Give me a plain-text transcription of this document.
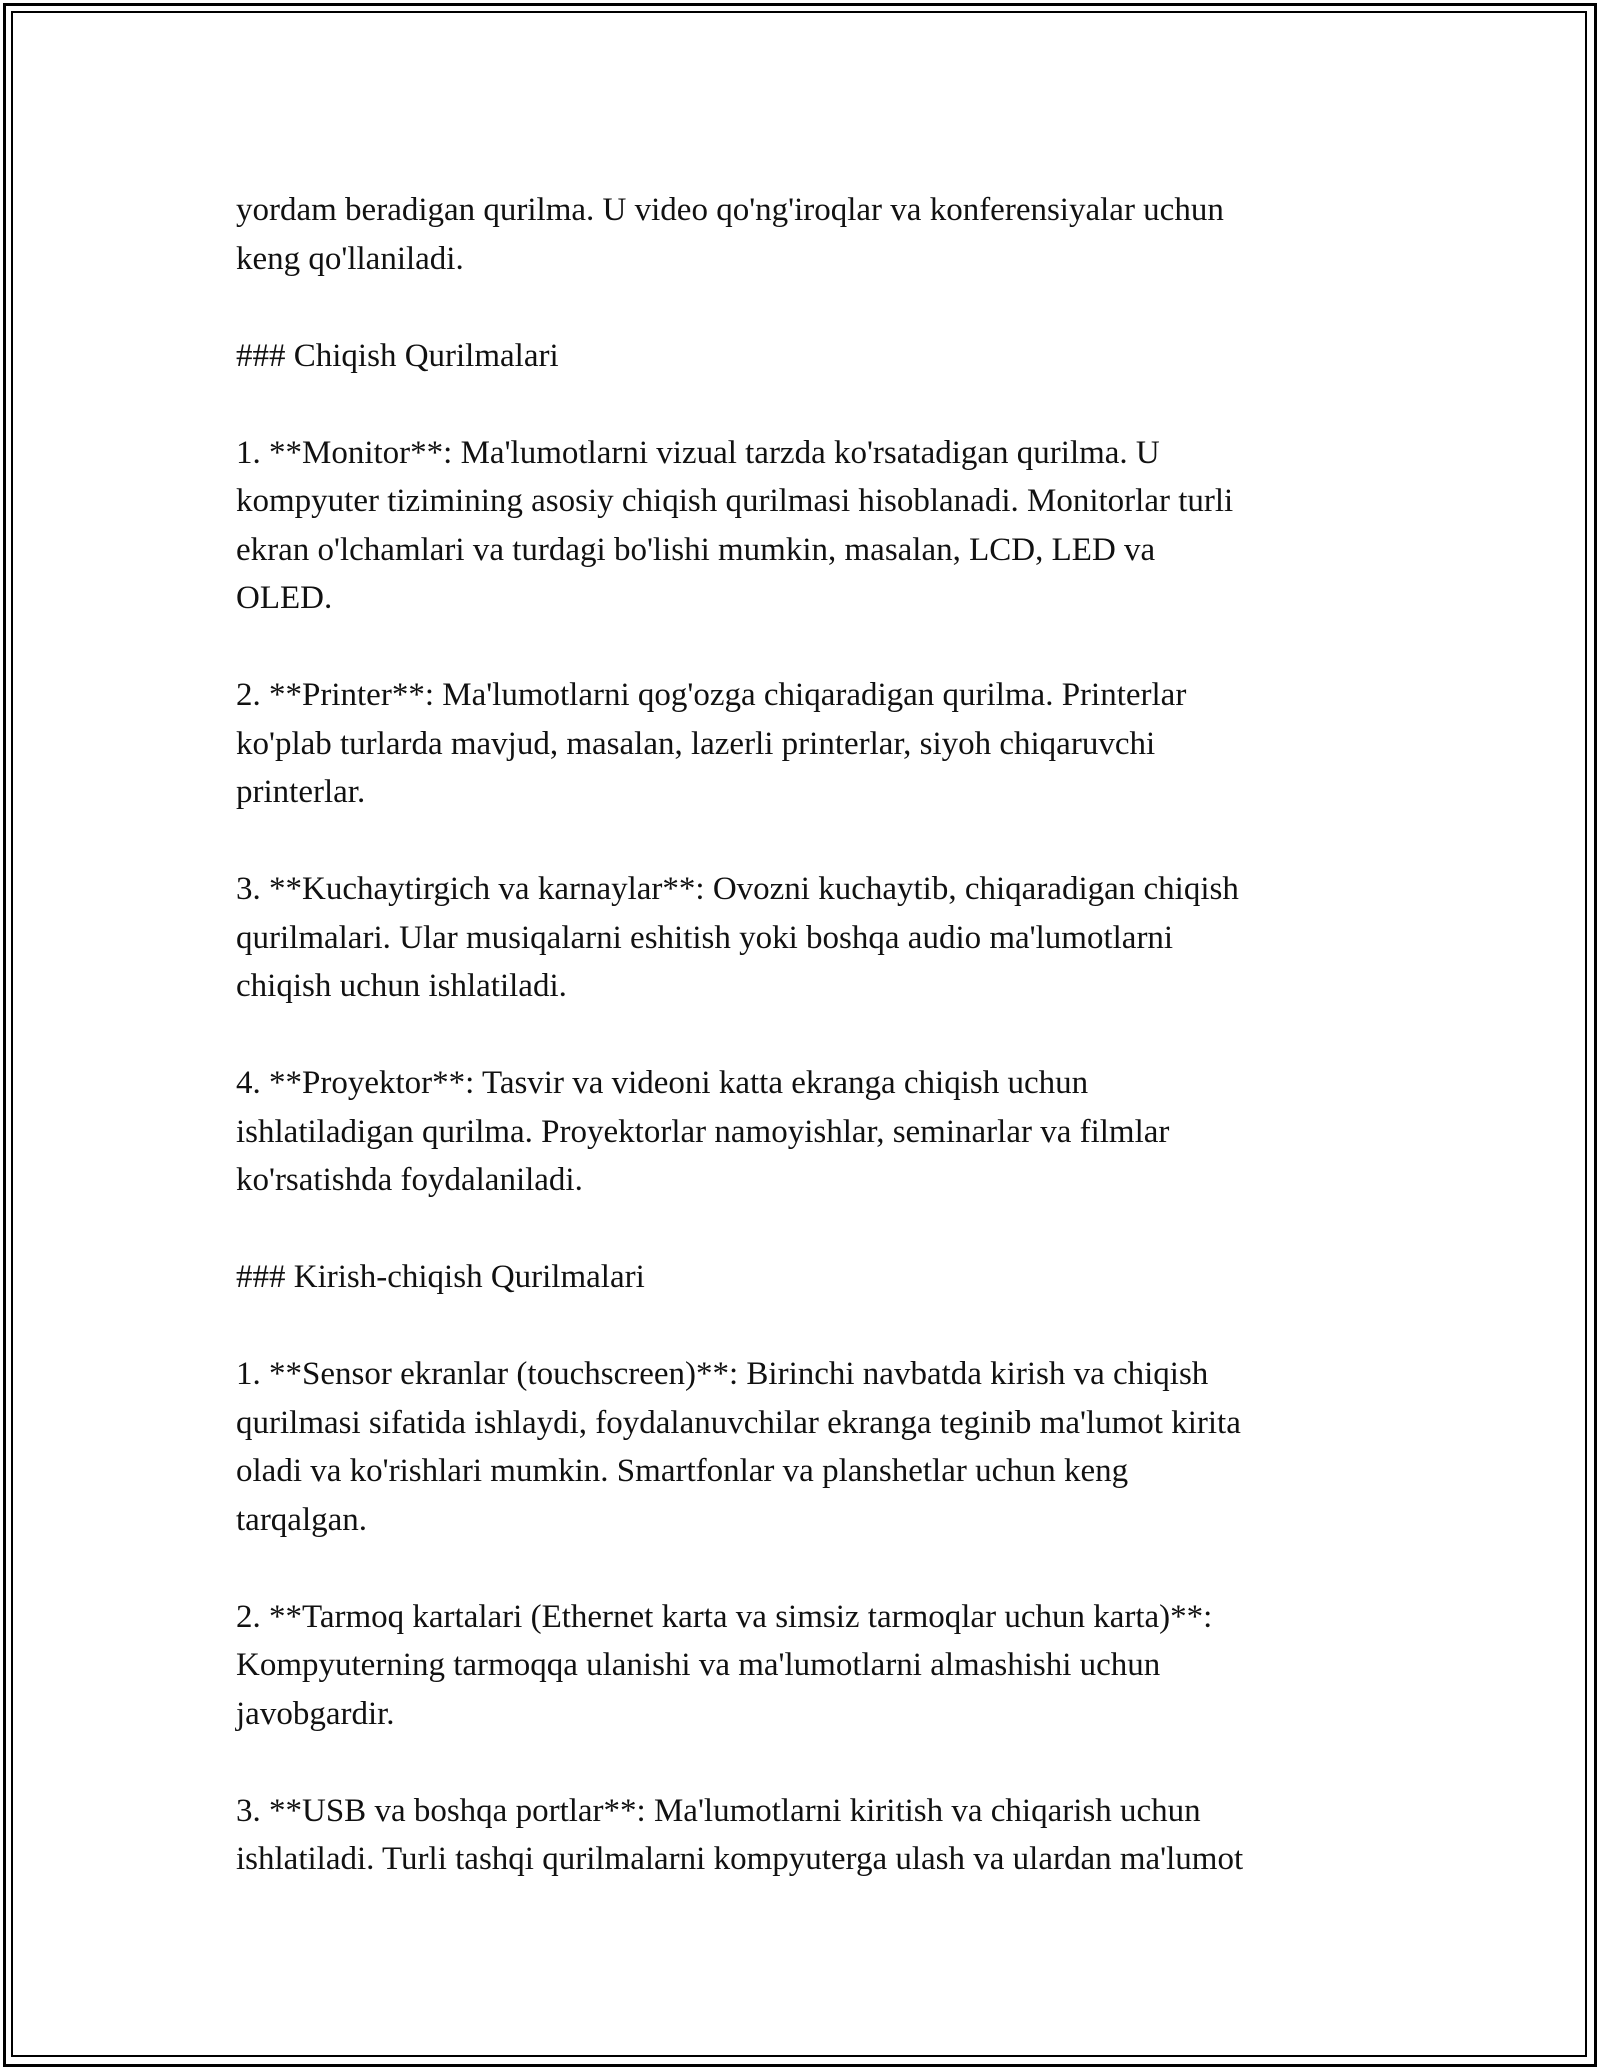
yordam beradigan qurilma. U video qo'ng'iroqlar va konferensiyalar uchun
keng qo'llaniladi.

### Chiqish Qurilmalari

1. **Monitor**: Ma'lumotlarni vizual tarzda ko'rsatadigan qurilma. U
kompyuter tizimining asosiy chiqish qurilmasi hisoblanadi. Monitorlar turli
ekran o'lchamlari va turdagi bo'lishi mumkin, masalan, LCD, LED va
OLED.

2. **Printer**: Ma'lumotlarni qog'ozga chiqaradigan qurilma. Printerlar
ko'plab turlarda mavjud, masalan, lazerli printerlar, siyoh chiqaruvchi
printerlar.

3. **Kuchaytirgich va karnaylar**: Ovozni kuchaytib, chiqaradigan chiqish
qurilmalari. Ular musiqalarni eshitish yoki boshqa audio ma'lumotlarni
chiqish uchun ishlatiladi.

4. **Proyektor**: Tasvir va videoni katta ekranga chiqish uchun
ishlatiladigan qurilma. Proyektorlar namoyishlar, seminarlar va filmlar
ko'rsatishda foydalaniladi.

### Kirish-chiqish Qurilmalari

1. **Sensor ekranlar (touchscreen)**: Birinchi navbatda kirish va chiqish
qurilmasi sifatida ishlaydi, foydalanuvchilar ekranga teginib ma'lumot kirita
oladi va ko'rishlari mumkin. Smartfonlar va planshetlar uchun keng
tarqalgan.

2. **Tarmoq kartalari (Ethernet karta va simsiz tarmoqlar uchun karta)**:
Kompyuterning tarmoqqa ulanishi va ma'lumotlarni almashishi uchun
javobgardir.

3. **USB va boshqa portlar**: Ma'lumotlarni kiritish va chiqarish uchun
ishlatiladi. Turli tashqi qurilmalarni kompyuterga ulash va ulardan ma'lumot
